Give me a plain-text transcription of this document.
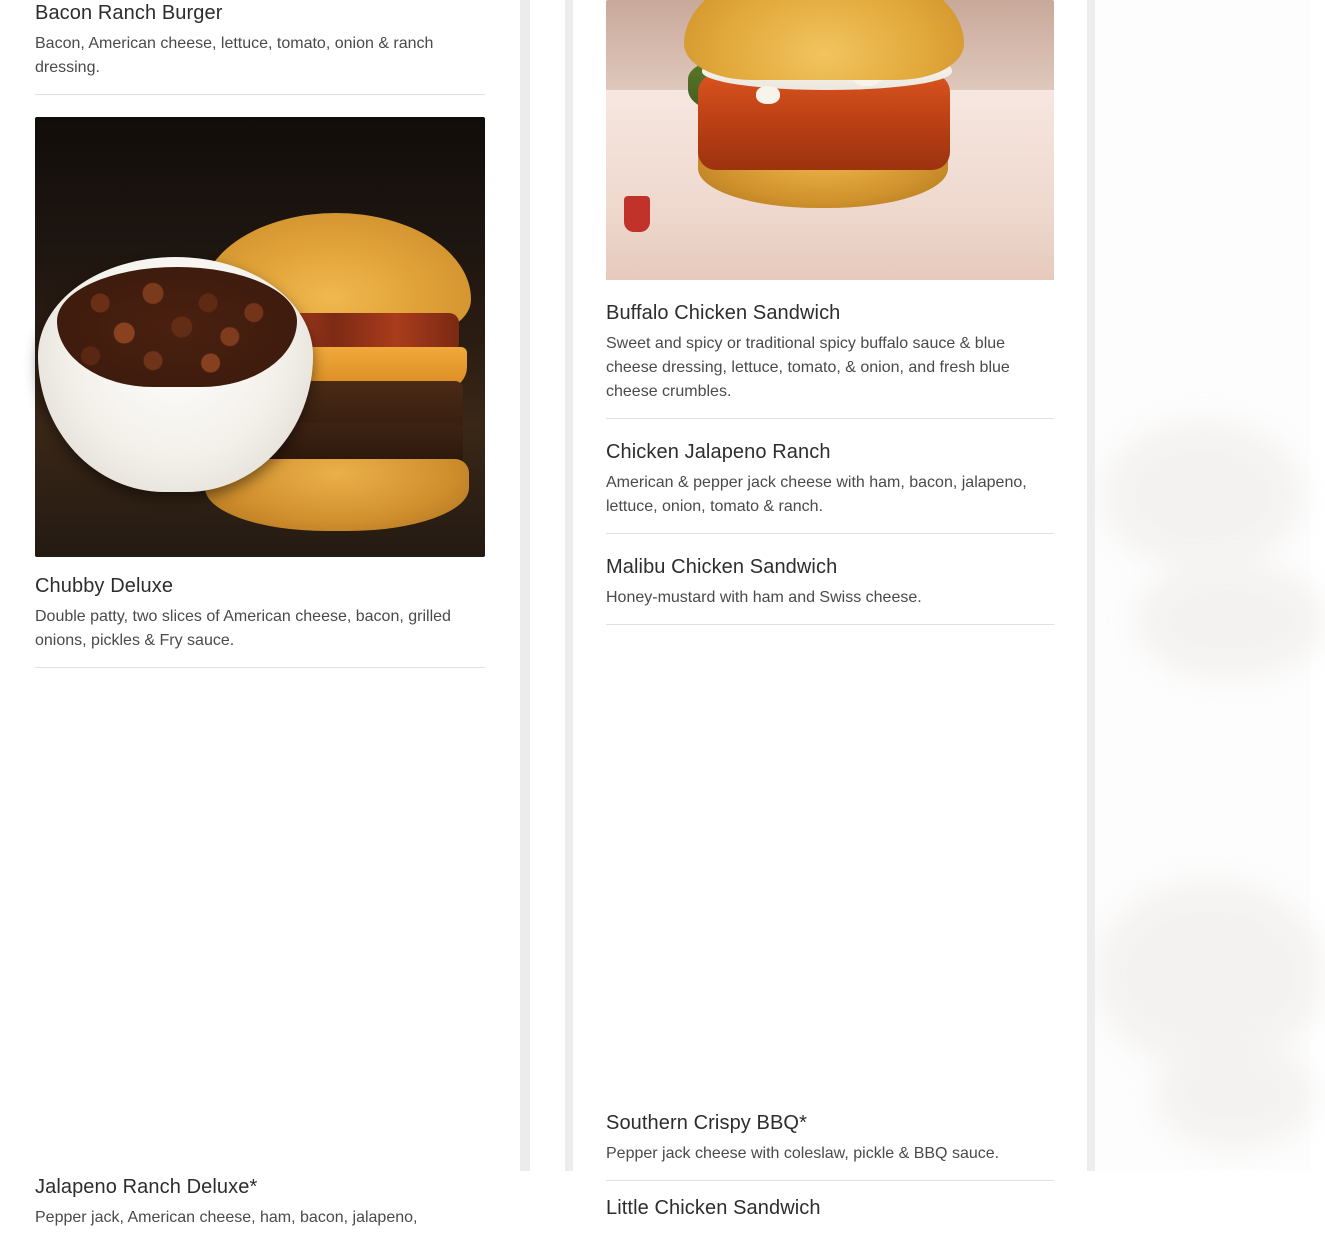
Bacon Ranch Burger

Bacon, American cheese, lettuce, tomato, onion & ranch dressing.

Chubby Deluxe

Double patty, two slices of American cheese, bacon, grilled onions, pickles & Fry sauce.

Jalapeno Ranch Deluxe*

Pepper jack, American cheese, ham, bacon, jalapeno,

Buffalo Chicken Sandwich

Sweet and spicy or traditional spicy buffalo sauce & blue cheese dressing, lettuce, tomato, & onion, and fresh blue cheese crumbles.

Chicken Jalapeno Ranch

American & pepper jack cheese with ham, bacon, jalapeno, lettuce, onion, tomato & ranch.

Malibu Chicken Sandwich

Honey-mustard with ham and Swiss cheese.

Southern Crispy BBQ*

Pepper jack cheese with coleslaw, pickle & BBQ sauce.

Little Chicken Sandwich
